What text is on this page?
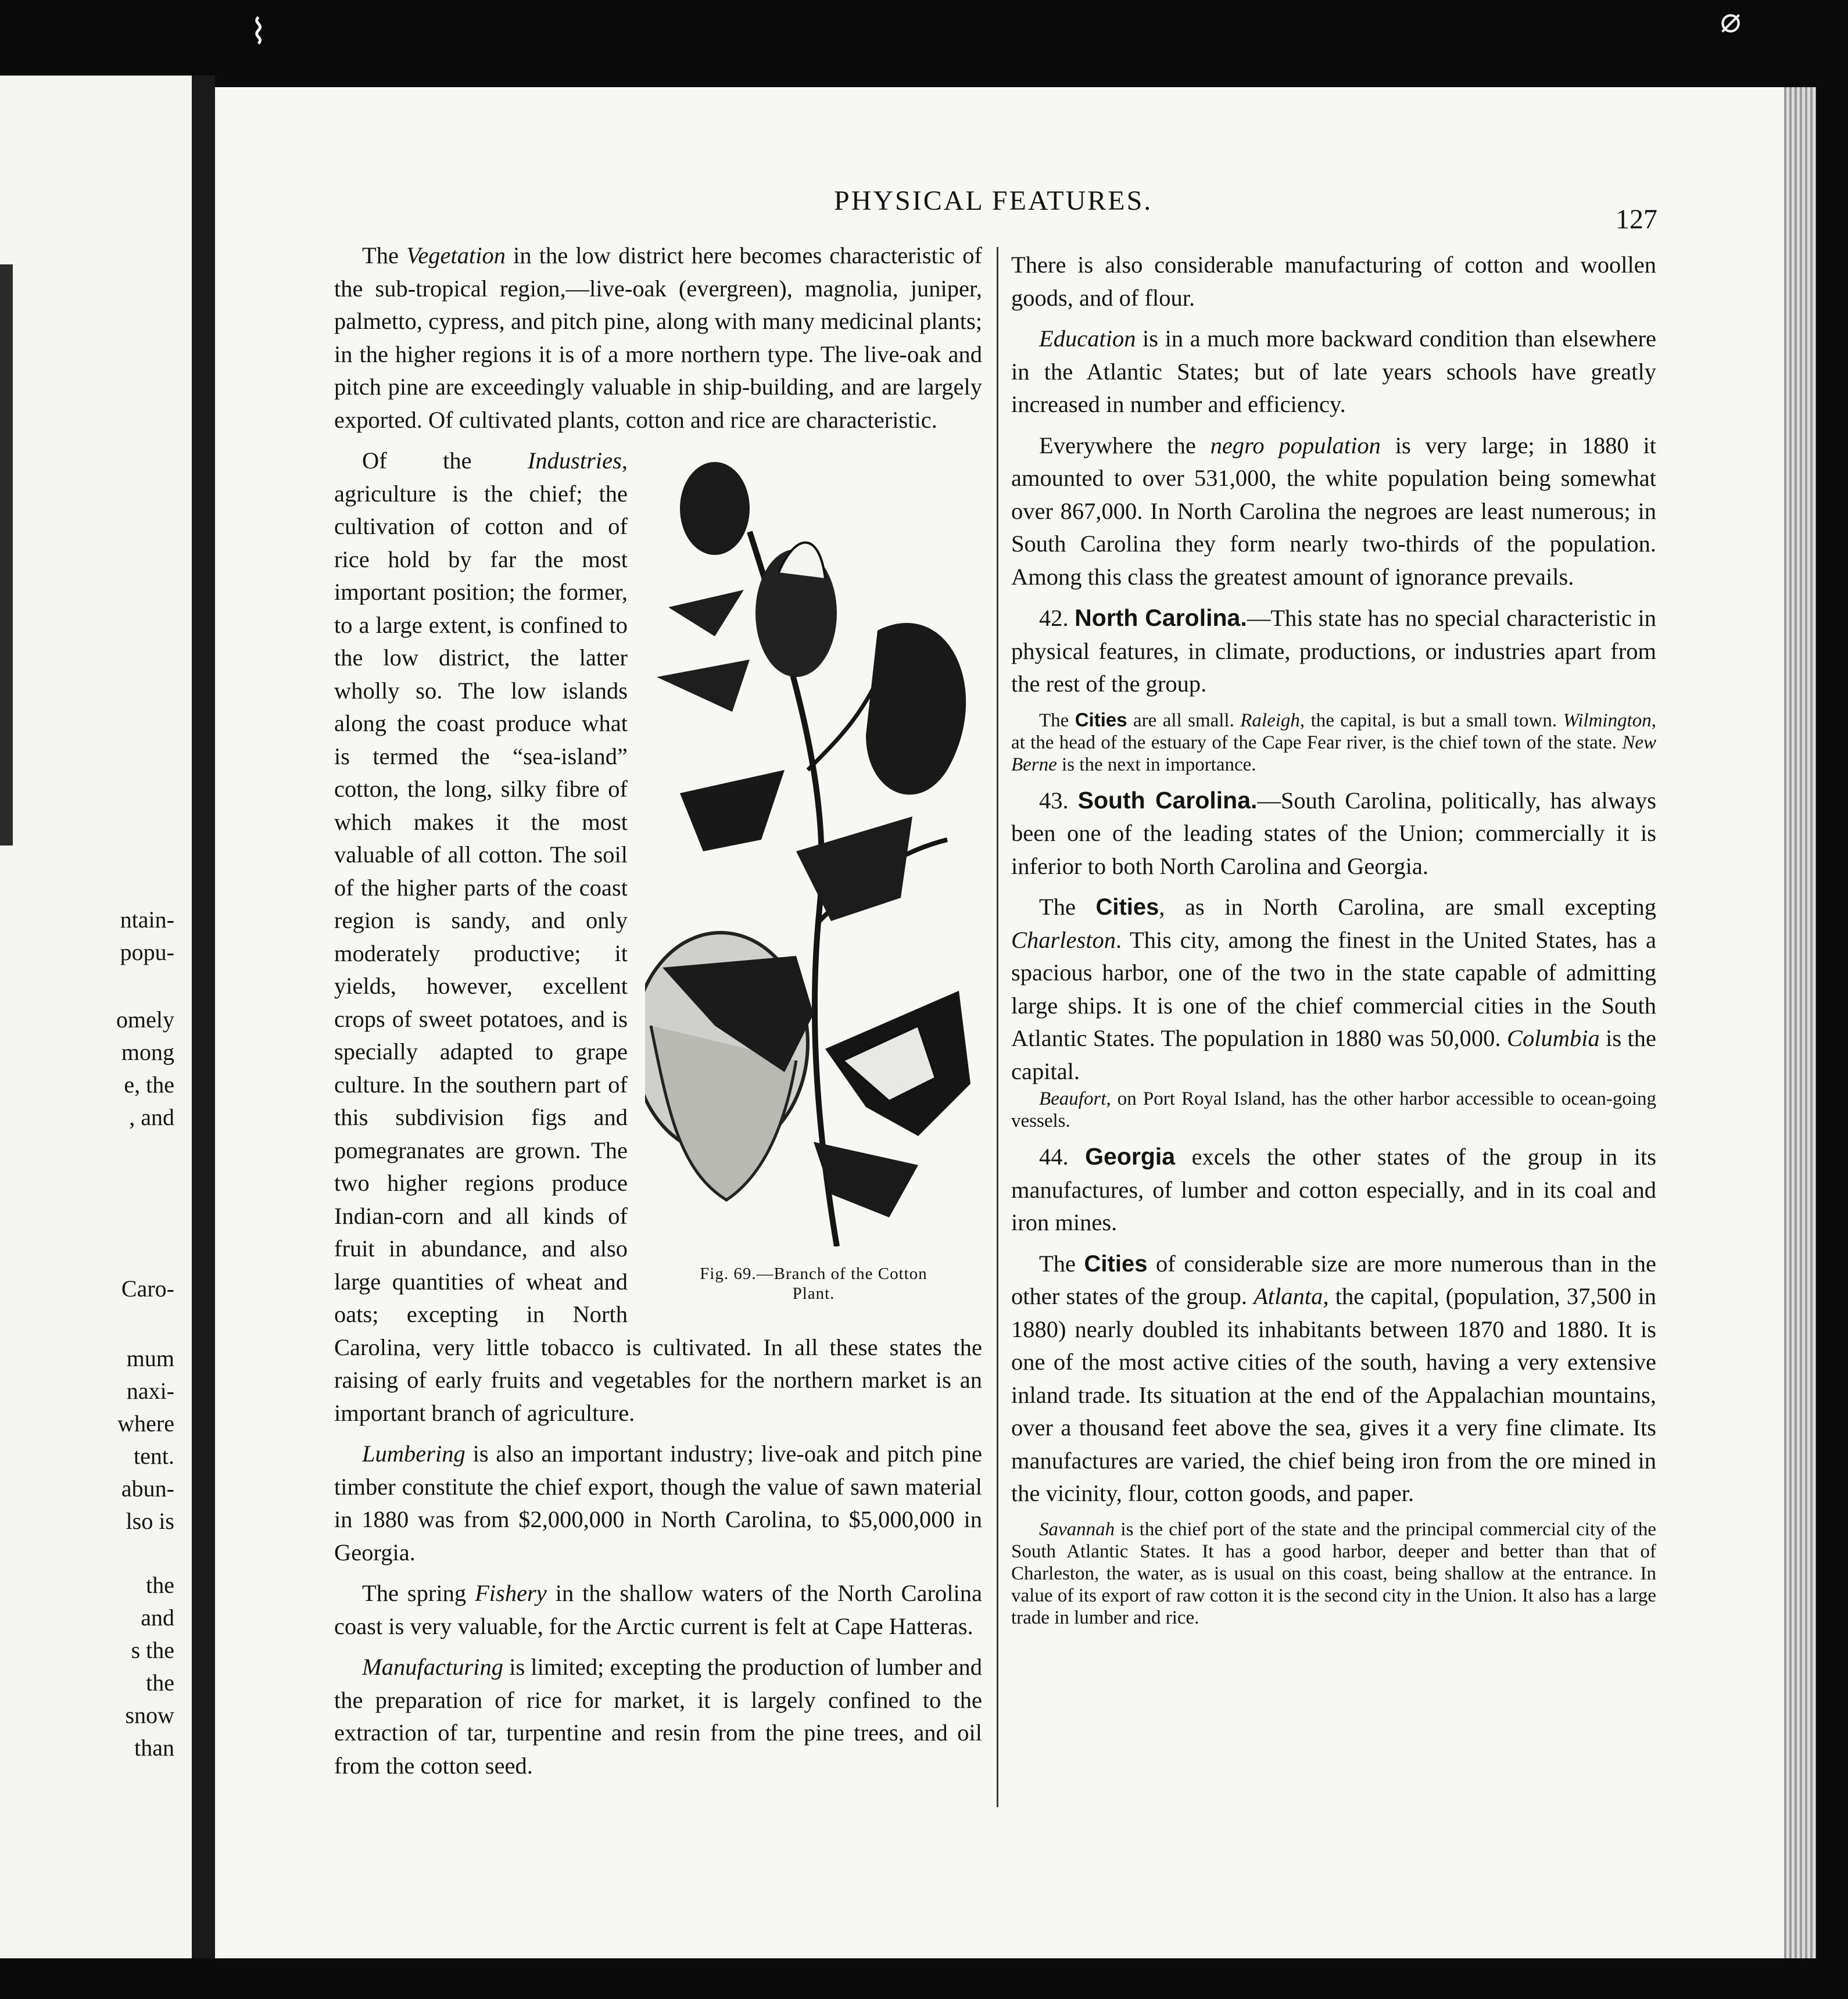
ntain-
popu-
omely
mong
e, the
, and
Caro-
mum
naxi-
where
tent.
abun-
lso is
the
and
s the
the
snow
than
⌇	⌀
PHYSICAL FEATURES.
127

The Vegetation in the low district here becomes characteristic of the sub-tropical region,—live-oak (evergreen), magnolia, juniper, palmetto, cypress, and pitch pine, along with many medicinal plants; in the higher regions it is of a more northern type. The live-oak and pitch pine are exceedingly valuable in ship-building, and are largely exported. Of cultivated plants, cotton and rice are characteristic.

Fig. 69.—Branch of the Cotton
Plant.
Of the Industries, agriculture is the chief; the cultivation of cotton and of rice hold by far the most important position; the former, to a large extent, is confined to the low district, the latter wholly so. The low islands along the coast produce what is termed the “sea-island” cotton, the long, silky fibre of which makes it the most valuable of all cotton. The soil of the higher parts of the coast region is sandy, and only moderately productive; it yields, however, excellent crops of sweet potatoes, and is specially adapted to grape culture. In the southern part of this subdivision figs and pomegranates are grown. The two higher regions produce Indian-corn and all kinds of fruit in abundance, and also large quantities of wheat and oats; excepting in North Carolina, very little tobacco is cultivated. In all these states the raising of early fruits and vegetables for the northern market is an important branch of agriculture.

Lumbering is also an important industry; live-oak and pitch pine timber constitute the chief export, though the value of sawn material in 1880 was from $2,000,000 in North Carolina, to $5,000,000 in Georgia.

The spring Fishery in the shallow waters of the North Carolina coast is very valuable, for the Arctic current is felt at Cape Hatteras.

Manufacturing is limited; excepting the production of lumber and the preparation of rice for market, it is largely confined to the extraction of tar, turpentine and resin from the pine trees, and oil from the cotton seed.

There is also considerable manufacturing of cotton and woollen goods, and of flour.

Education is in a much more backward condition than elsewhere in the Atlantic States; but of late years schools have greatly increased in number and efficiency.

Everywhere the negro population is very large; in 1880 it amounted to over 531,000, the white population being somewhat over 867,000. In North Carolina the negroes are least numerous; in South Carolina they form nearly two-thirds of the population. Among this class the greatest amount of ignorance prevails.

42. North Carolina.—This state has no special characteristic in physical features, in climate, productions, or industries apart from the rest of the group.

The Cities are all small. Raleigh, the capital, is but a small town. Wilmington, at the head of the estuary of the Cape Fear river, is the chief town of the state. New Berne is the next in importance.

43. South Carolina.—South Carolina, politically, has always been one of the leading states of the Union; commercially it is inferior to both North Carolina and Georgia.

The Cities, as in North Carolina, are small excepting Charleston. This city, among the finest in the United States, has a spacious harbor, one of the two in the state capable of admitting large ships. It is one of the chief commercial cities in the South Atlantic States. The population in 1880 was 50,000. Columbia is the capital.

Beaufort, on Port Royal Island, has the other harbor accessible to ocean-going vessels.

44. Georgia excels the other states of the group in its manufactures, of lumber and cotton especially, and in its coal and iron mines.

The Cities of considerable size are more numerous than in the other states of the group. Atlanta, the capital, (population, 37,500 in 1880) nearly doubled its inhabitants between 1870 and 1880. It is one of the most active cities of the south, having a very extensive inland trade. Its situation at the end of the Appalachian mountains, over a thousand feet above the sea, gives it a very fine climate. Its manufactures are varied, the chief being iron from the ore mined in the vicinity, flour, cotton goods, and paper.

Savannah is the chief port of the state and the principal commercial city of the South Atlantic States. It has a good harbor, deeper and better than that of Charleston, the water, as is usual on this coast, being shallow at the entrance. In value of its export of raw cotton it is the second city in the Union. It also has a large trade in lumber and rice.
